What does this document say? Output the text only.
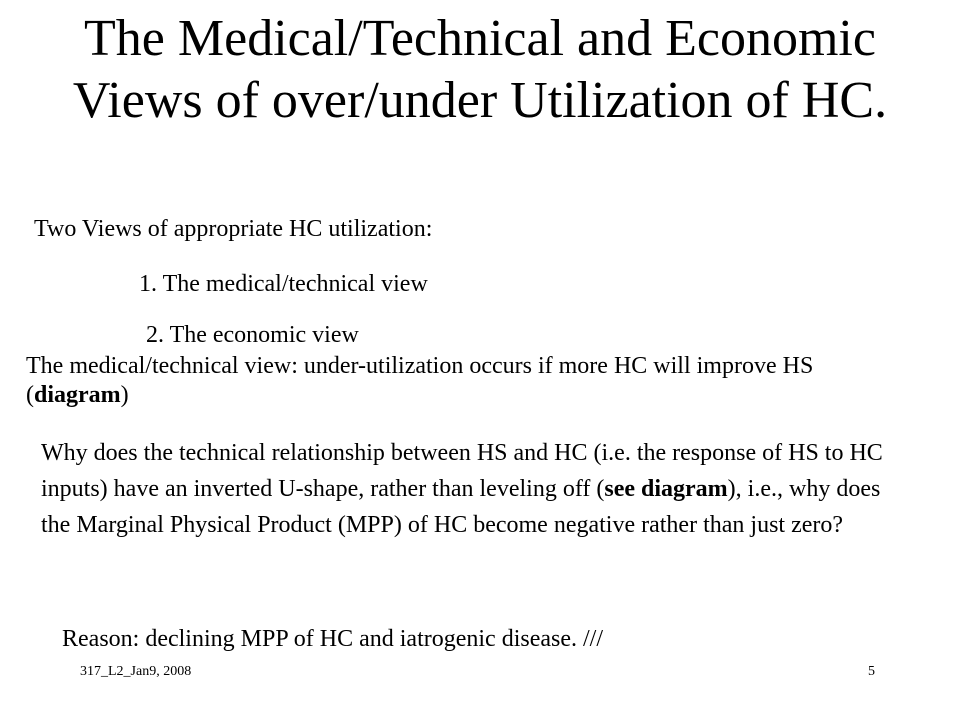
The Medical/Technical and Economic Views of over/under Utilization of HC.

Two Views of appropriate HC utilization:

1. The medical/technical view

2. The economic view

The medical/technical view: under-utilization occurs if more HC will improve HS (diagram)

Why does the technical relationship between HS and HC (i.e. the response of HS to HC inputs) have an inverted U-shape, rather than leveling off (see diagram), i.e., why does the Marginal Physical Product (MPP) of HC become negative rather than just zero?

Reason: declining MPP of HC and iatrogenic disease. ///

317_L2_Jan9, 2008	5
